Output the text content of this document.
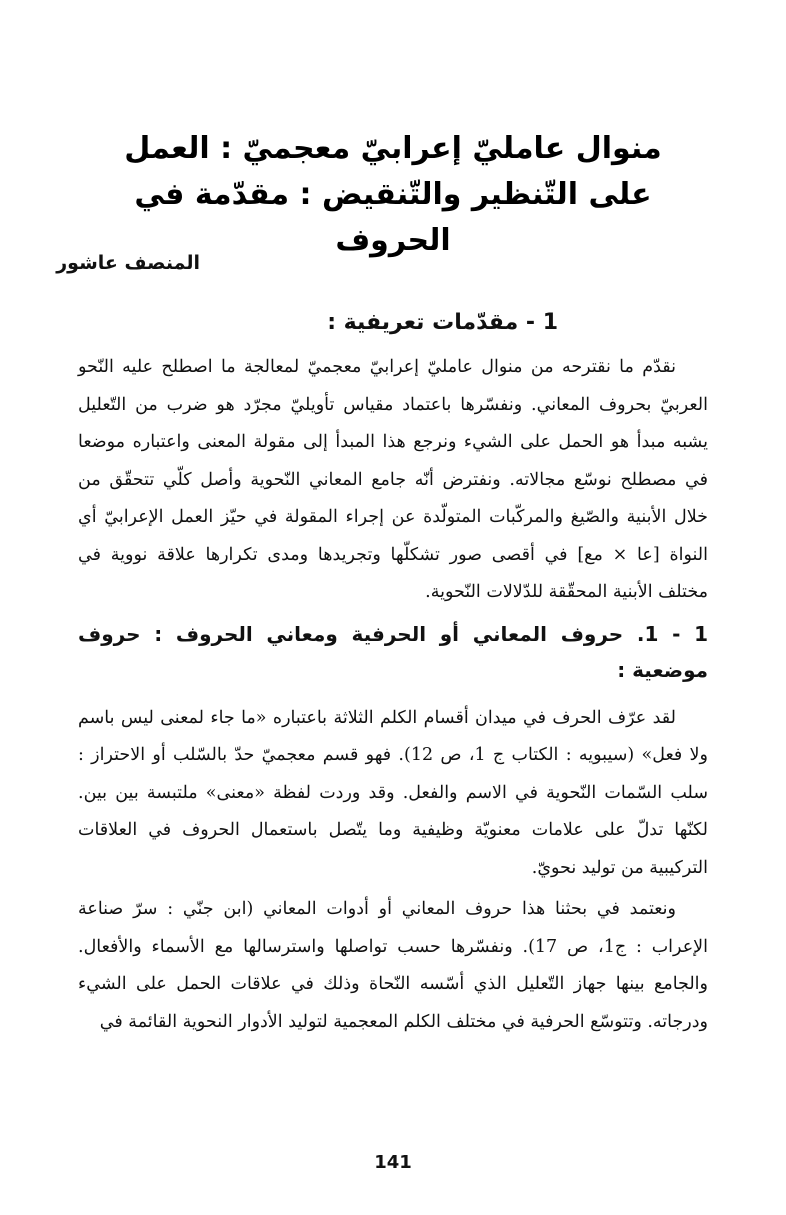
منوال عامليّ إعرابيّ معجميّ : العمل على التّنظير والتّنقيض : مقدّمة في الحروف
المنصف عاشور
1 - مقدّمات تعريفية :

نقدّم ما نقترحه من منوال عامليّ إعرابيّ معجميّ لمعالجة ما اصطلح عليه النّحو العربيّ بحروف المعاني. ونفسّرها باعتماد مقياس تأويليّ مجرّد هو ضرب من التّعليل يشبه مبدأ هو الحمل على الشيء ونرجع هذا المبدأ إلى مقولة المعنى واعتباره موضعا في مصطلح نوسّع مجالاته. ونفترض أنّه جامع المعاني النّحوية وأصل كلّي تتحقّق من خلال الأبنية والصّيغ والمركّبات المتولّدة عن إجراء المقولة في حيّز العمل الإعرابيّ أي النواة [عا × مع] في أقصى صور تشكلّها وتجريدها ومدى تكرارها علاقة نووية في مختلف الأبنية المحقّقة للدّلالات النّحوية.

1 - 1. حروف المعاني أو الحرفية ومعاني الحروف : حروف موضعية :

لقد عرّف الحرف في ميدان أقسام الكلم الثلاثة باعتباره «ما جاء لمعنى ليس باسم ولا فعل» (سيبويه : الكتاب ج 1، ص 12). فهو قسم معجميّ حدّ بالسّلب أو الاحتراز : سلب السّمات النّحوية في الاسم والفعل. وقد وردت لفظة «معنى» ملتبسة بين بين. لكنّها تدلّ على علامات معنويّة وظيفية وما يتّصل باستعمال الحروف في العلاقات التركيبية من توليد نحويّ.

ونعتمد في بحثنا هذا حروف المعاني أو أدوات المعاني (ابن جنّي : سرّ صناعة الإعراب : ج1، ص 17). ونفسّرها حسب تواصلها واسترسالها مع الأسماء والأفعال. والجامع بينها جهاز التّعليل الذي أسّسه النّحاة وذلك في علاقات الحمل على الشيء ودرجاته. وتتوسّع الحرفية في مختلف الكلم المعجمية لتوليد الأدوار النحوية القائمة في

141
